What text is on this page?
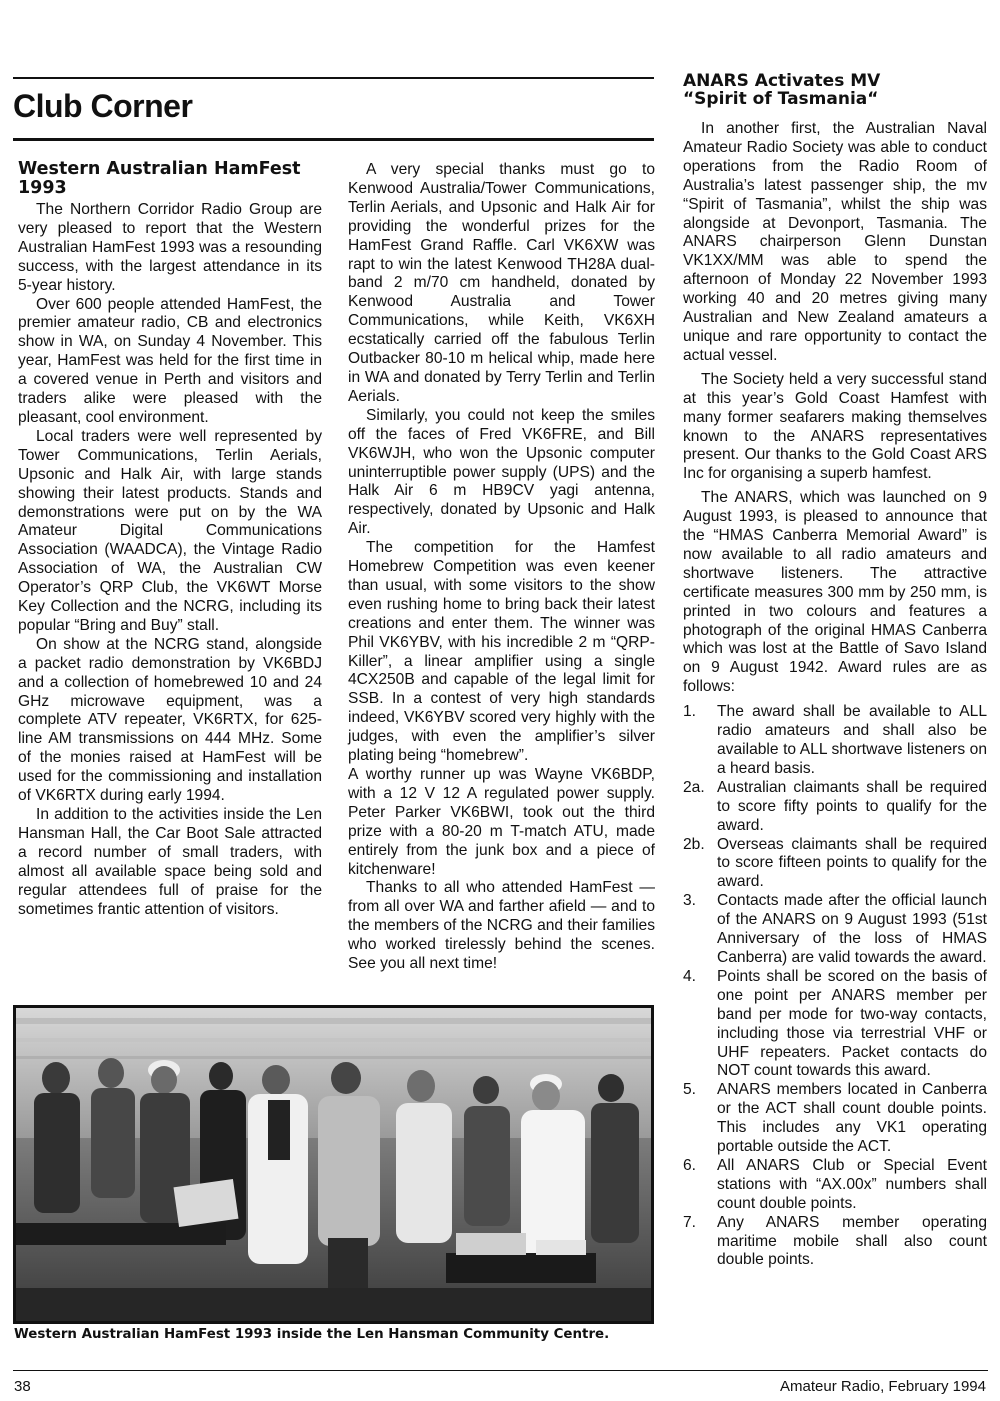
Club Corner
Western Australian HamFest 1993

The Northern Corridor Radio Group are very pleased to report that the Western Australian HamFest 1993 was a resounding success, with the largest attendance in its 5-year history.

Over 600 people attended HamFest, the premier amateur radio, CB and electronics show in WA, on Sunday 4 November. This year, HamFest was held for the first time in a covered venue in Perth and visitors and traders alike were pleased with the pleasant, cool environment.

Local traders were well represented by Tower Communications, Terlin Aerials, Upsonic and Halk Air, with large stands showing their latest products. Stands and demonstrations were put on by the WA Amateur Digital Communications Association (WAADCA), the Vintage Radio Association of WA, the Australian CW Operator’s QRP Club, the VK6WT Morse Key Collection and the NCRG, including its popular “Bring and Buy” stall.

On show at the NCRG stand, alongside a packet radio demonstration by VK6BDJ and a collection of homebrewed 10 and 24 GHz microwave equipment, was a complete ATV repeater, VK6RTX, for 625-line AM transmissions on 444 MHz. Some of the monies raised at HamFest will be used for the commissioning and installation of VK6RTX during early 1994.

In addition to the activities inside the Len Hansman Hall, the Car Boot Sale attracted a record number of small traders, with almost all available space being sold and regular attendees full of praise for the sometimes frantic attention of visitors.

A very special thanks must go to Kenwood Australia/Tower Communications, Terlin Aerials, and Upsonic and Halk Air for providing the wonderful prizes for the HamFest Grand Raffle. Carl VK6XW was rapt to win the latest Kenwood TH28A dual-band 2 m/70 cm handheld, donated by Kenwood Australia and Tower Communications, while Keith, VK6XH ecstatically carried off the fabulous Terlin Outbacker 80-10 m helical whip, made here in WA and donated by Terry Terlin and Terlin Aerials.

Similarly, you could not keep the smiles off the faces of Fred VK6FRE, and Bill VK6WJH, who won the Upsonic computer uninterruptible power supply (UPS) and the Halk Air 6 m HB9CV yagi antenna, respectively, donated by Upsonic and Halk Air.

The competition for the Hamfest Homebrew Competition was even keener than usual, with some visitors to the show even rushing home to bring back their latest creations and enter them. The winner was Phil VK6YBV, with his incredible 2 m “QRP-Killer”, a linear amplifier using a single 4CX250B and capable of the legal limit for SSB. In a contest of very high standards indeed, VK6YBV scored very highly with the judges, with even the amplifier’s silver plating being “homebrew”.

A worthy runner up was Wayne VK6BDP, with a 12 V 12 A regulated power supply. Peter Parker VK6BWI, took out the third prize with a 80-20 m T-match ATU, made entirely from the junk box and a piece of kitchenware!

Thanks to all who attended HamFest — from all over WA and farther afield — and to the members of the NCRG and their families who worked tirelessly behind the scenes. See you all next time!

ANARS Activates MV
“Spirit of Tasmania“

In another first, the Australian Naval Amateur Radio Society was able to conduct operations from the Radio Room of Australia’s latest passenger ship, the mv “Spirit of Tasmania”, whilst the ship was alongside at Devonport, Tasmania. The ANARS chairperson Glenn Dunstan VK1XX/MM was able to spend the afternoon of Monday 22 November 1993 working 40 and 20 metres giving many Australian and New Zealand amateurs a unique and rare opportunity to contact the actual vessel.

The Society held a very successful stand at this year’s Gold Coast Hamfest with many former seafarers making themselves known to the ANARS representatives present. Our thanks to the Gold Coast ARS Inc for organising a superb hamfest.

The ANARS, which was launched on 9 August 1993, is pleased to announce that the “HMAS Canberra Memorial Award” is now available to all radio amateurs and shortwave listeners. The attractive certificate measures 300 mm by 250 mm, is printed in two colours and features a photograph of the original HMAS Canberra which was lost at the Battle of Savo Island on 9 August 1942. Award rules are as follows:

1.	The award shall be available to ALL radio amateurs and shall also be available to ALL shortwave listeners on a heard basis.
2a. Australian claimants shall be required to score fifty points to qualify for the award.
2b. Overseas claimants shall be required to score fifteen points to qualify for the award.
3.	Contacts made after the official launch of the ANARS on 9 August 1993 (51st Anniversary of the loss of HMAS Canberra) are valid towards the award.
4.	Points shall be scored on the basis of one point per ANARS member per band per mode for two-way contacts, including those via terrestrial VHF or UHF repeaters. Packet contacts do NOT count towards this award.
5.	ANARS members located in Canberra or the ACT shall count double points. This includes any VK1 operating portable outside the ACT.
6.	All ANARS Club or Special Event stations with “AX.00x” numbers shall count double points.
7.	Any ANARS member operating maritime mobile shall also count double points.

Western Australian HamFest 1993 inside the Len Hansman Community Centre.

38	Amateur Radio, February 1994
